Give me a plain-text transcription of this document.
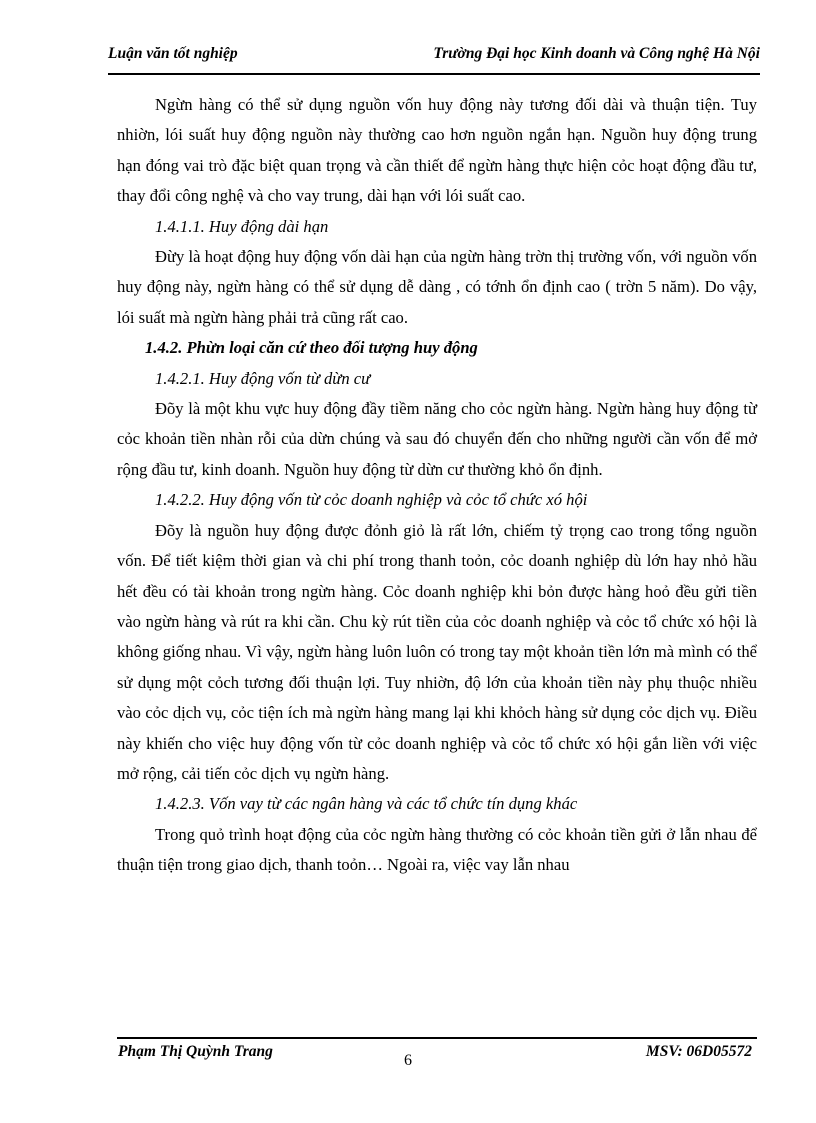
Luận văn tốt nghiệp	Trường Đại học Kinh doanh và Công nghệ Hà Nội

Ngừn hàng có thể sử dụng nguồn vốn huy động này tương đối dài và thuận tiện. Tuy nhiờn, lói suất huy động nguồn này thường cao hơn nguồn ngắn hạn. Nguồn huy động trung hạn đóng vai trò đặc biệt quan trọng và cần thiết để ngừn hàng thực hiện cỏc hoạt động đầu tư, thay đổi công nghệ và cho vay trung, dài hạn với lói suất cao.

1.4.1.1. Huy động dài hạn

Đừy là hoạt động huy động vốn dài hạn của ngừn hàng trờn thị trường vốn, với nguồn vốn huy động này, ngừn hàng có thể sử dụng dễ dàng , có tớnh ổn định cao ( trờn 5 năm). Do vậy, lói suất mà ngừn hàng phải trả cũng rất cao.

1.4.2. Phừn loại căn cứ theo đối tượng huy động

1.4.2.1. Huy động vốn từ dừn cư

Đõy là một khu vực huy động đầy tiềm năng cho cỏc ngừn hàng. Ngừn hàng huy động từ cỏc khoản tiền nhàn rỗi của dừn chúng và sau đó chuyển đến cho những người cần vốn để mở rộng đầu tư, kinh doanh. Nguồn huy động từ dừn cư thường khỏ ổn định.

1.4.2.2. Huy động vốn từ cỏc doanh nghiệp và cỏc tổ chức xó hội

Đõy là nguồn huy động được đỏnh giỏ là rất lớn, chiếm tỷ trọng cao trong tổng nguồn vốn. Để tiết kiệm thời gian và chi phí trong thanh toỏn, cỏc doanh nghiệp dù lớn hay nhỏ hầu hết đều có tài khoản trong ngừn hàng. Cỏc doanh nghiệp khi bỏn được hàng hoỏ đều gửi tiền vào ngừn hàng và rút ra khi cần. Chu kỳ rút tiền của cỏc doanh nghiệp và cỏc tổ chức xó hội là không giống nhau. Vì vậy, ngừn hàng luôn luôn có trong tay một khoản tiền lớn mà mình có thể sử dụng một cỏch tương đối thuận lợi. Tuy nhiờn, độ lớn của khoản tiền này phụ thuộc nhiều vào cỏc dịch vụ, cỏc tiện ích mà ngừn hàng mang lại khi khỏch hàng sử dụng cỏc dịch vụ. Điều này khiến cho việc huy động vốn từ cỏc doanh nghiệp và cỏc tổ chức xó hội gắn liền với việc mở rộng, cải tiến cỏc dịch vụ ngừn hàng.

1.4.2.3. Vốn vay từ các ngân hàng và các tổ chức tín dụng khác

Trong quỏ trình hoạt động của cỏc ngừn hàng thường có cỏc khoản tiền gửi ở lẫn nhau để thuận tiện trong giao dịch, thanh toỏn… Ngoài ra, việc vay lẫn nhau

Phạm Thị Quỳnh Trang	MSV: 06D05572
6
